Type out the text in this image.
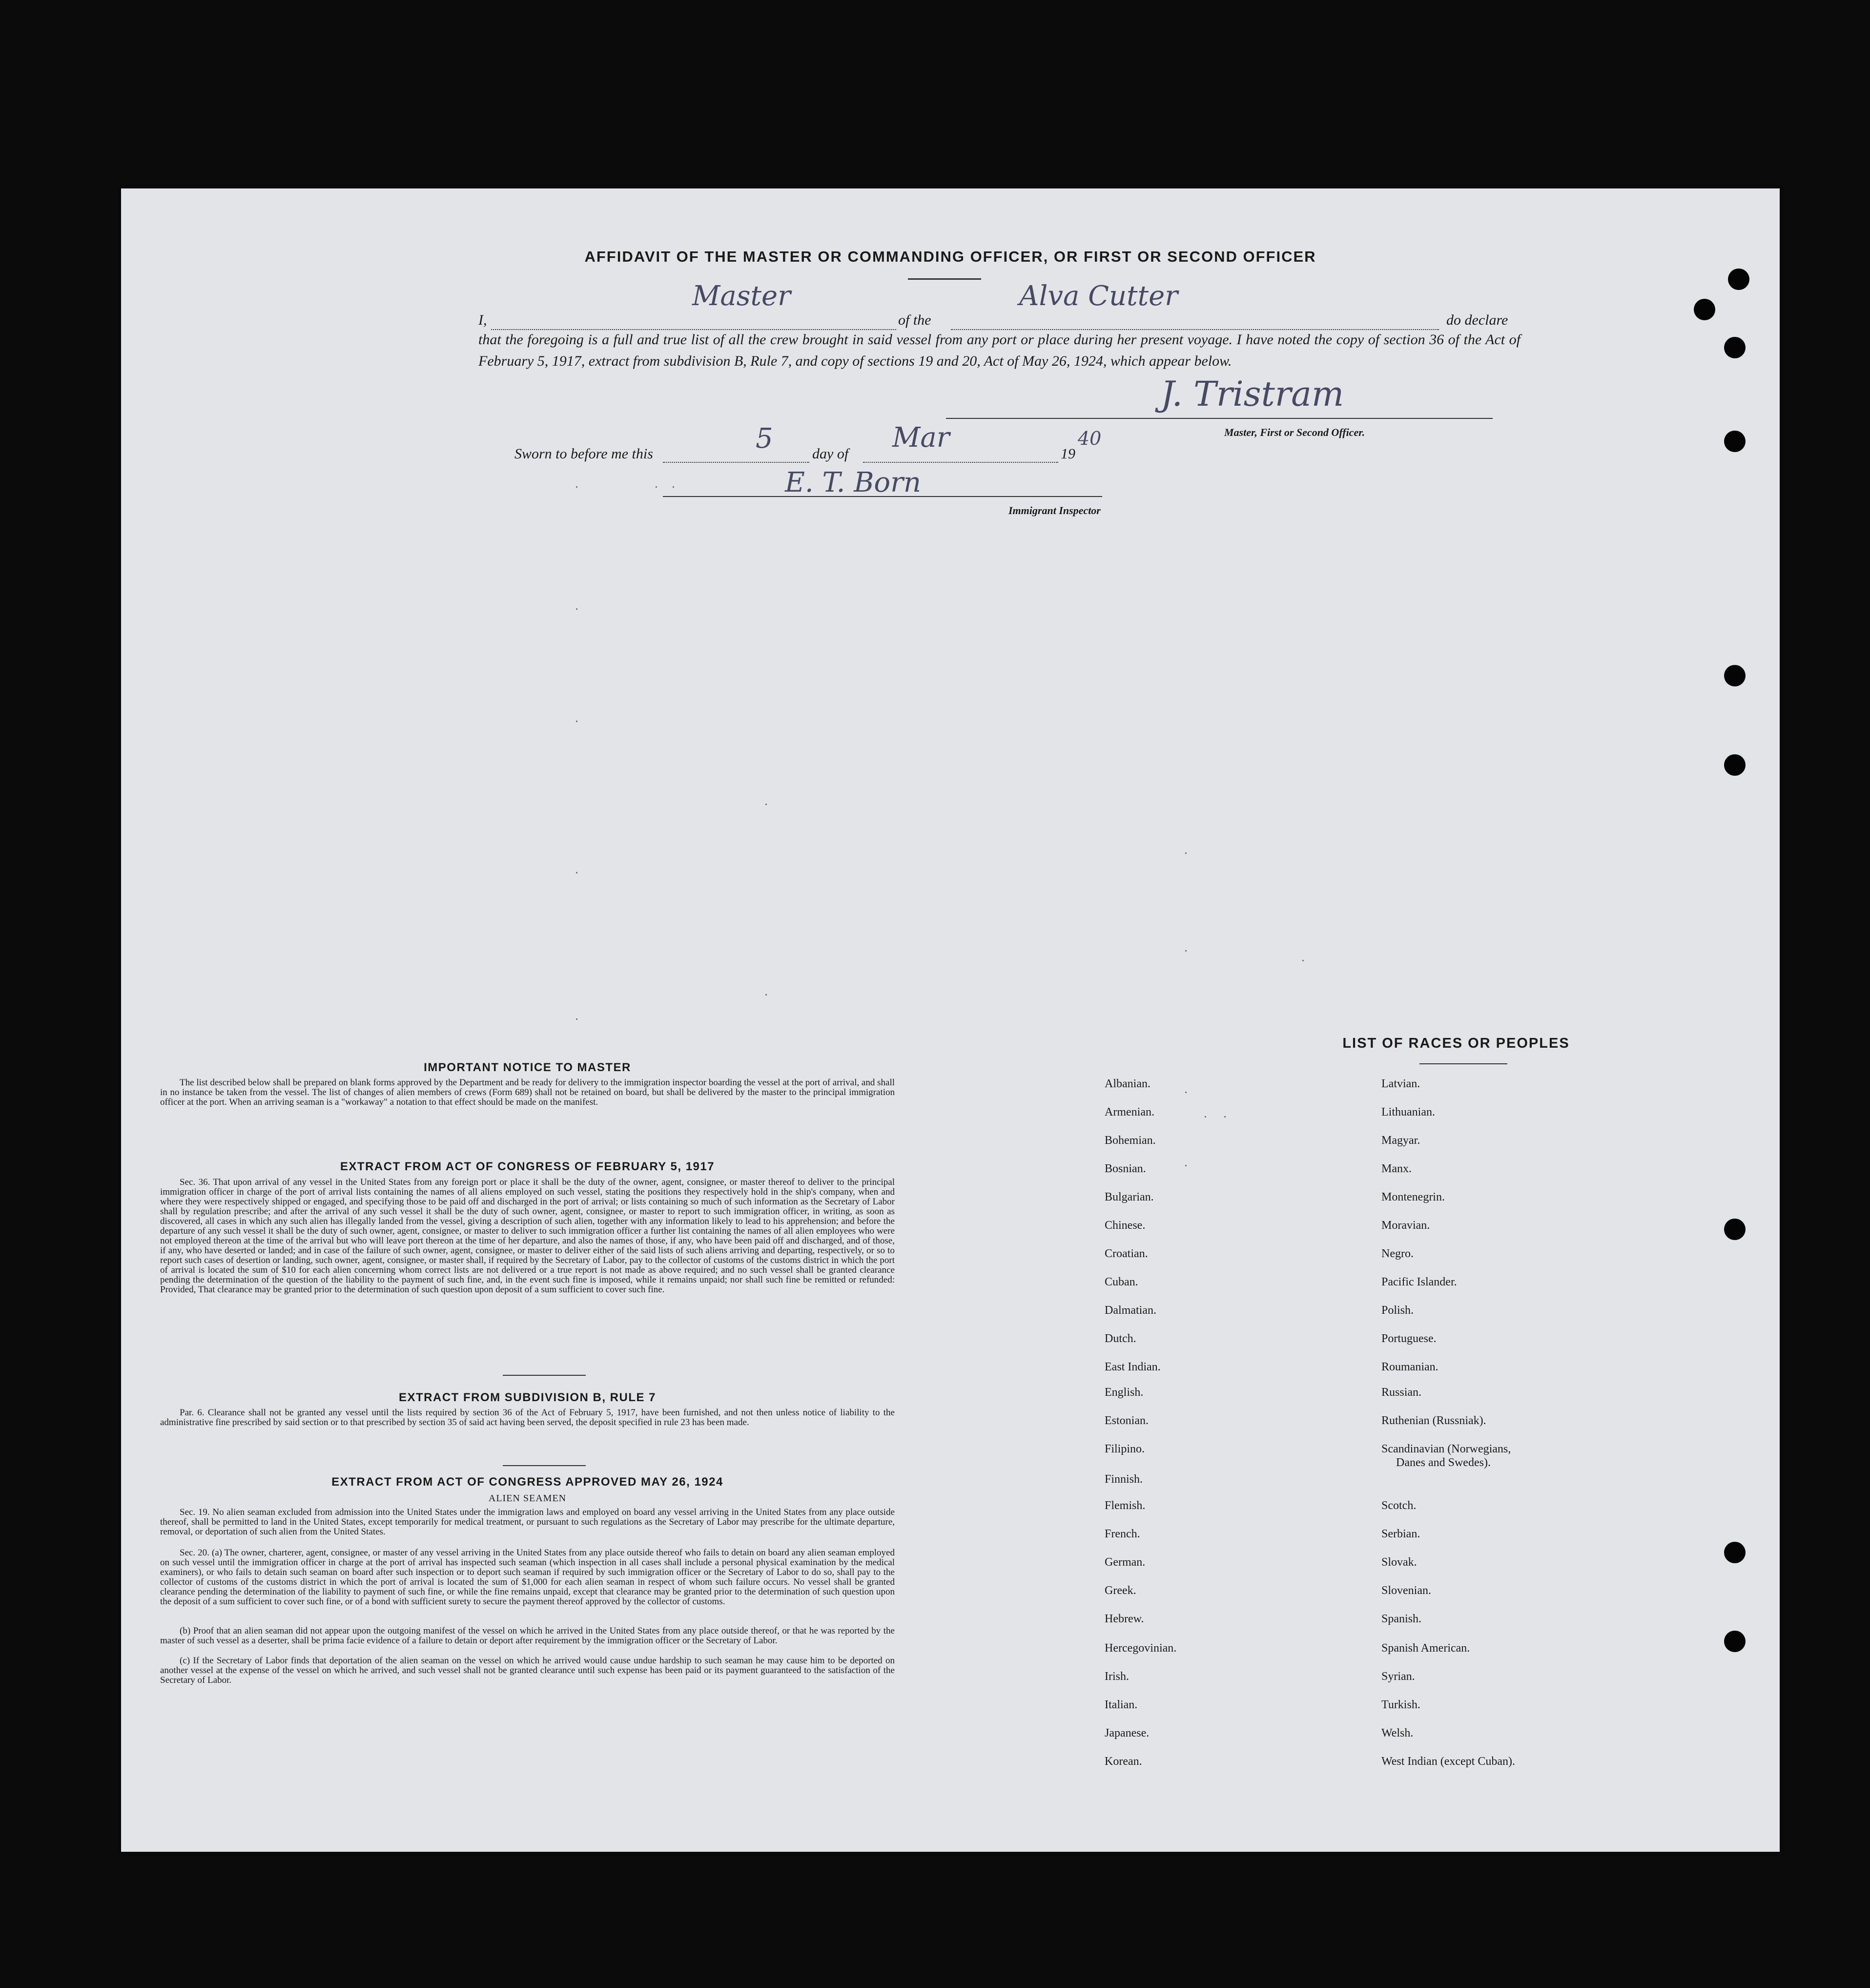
AFFIDAVIT OF THE MASTER OR COMMANDING OFFICER, OR FIRST OR SECOND OFFICER
I,
Master
of the
Alva Cutter
do declare
that the foregoing is a full and true list of all the crew brought in said vessel from any port or place during her present voyage. I have noted the copy of section 36 of the Act of February 5, 1917, extract from subdivision B, Rule 7, and copy of sections 19 and 20, Act of May 26, 1924, which appear below.
J. Tristram
Master, First or Second Officer.
Sworn to before me this	5	day of
Mar
19
40
E. T. Born
Immigrant Inspector
IMPORTANT NOTICE TO MASTER
The list described below shall be prepared on blank forms approved by the Department and be ready for delivery to the immigration inspector boarding the vessel at the port of arrival, and shall in no instance be taken from the vessel. The list of changes of alien members of crews (Form 689) shall not be retained on board, but shall be delivered by the master to the principal immigration officer at the port. When an arriving seaman is a "workaway" a notation to that effect should be made on the manifest.
EXTRACT FROM ACT OF CONGRESS OF FEBRUARY 5, 1917
Sec. 36. That upon arrival of any vessel in the United States from any foreign port or place it shall be the duty of the owner, agent, consignee, or master thereof to deliver to the principal immigration officer in charge of the port of arrival lists containing the names of all aliens employed on such vessel, stating the positions they respectively hold in the ship's company, when and where they were respectively shipped or engaged, and specifying those to be paid off and discharged in the port of arrival; or lists containing so much of such information as the Secretary of Labor shall by regulation prescribe; and after the arrival of any such vessel it shall be the duty of such owner, agent, consignee, or master to report to such immigration officer, in writing, as soon as discovered, all cases in which any such alien has illegally landed from the vessel, giving a description of such alien, together with any information likely to lead to his apprehension; and before the departure of any such vessel it shall be the duty of such owner, agent, consignee, or master to deliver to such immigration officer a further list containing the names of all alien employees who were not employed thereon at the time of the arrival but who will leave port thereon at the time of her departure, and also the names of those, if any, who have been paid off and discharged, and of those, if any, who have deserted or landed; and in case of the failure of such owner, agent, consignee, or master to deliver either of the said lists of such aliens arriving and departing, respectively, or so to report such cases of desertion or landing, such owner, agent, consignee, or master shall, if required by the Secretary of Labor, pay to the collector of customs of the customs district in which the port of arrival is located the sum of $10 for each alien concerning whom correct lists are not delivered or a true report is not made as above required; and no such vessel shall be granted clearance pending the determination of the question of the liability to the payment of such fine, and, in the event such fine is imposed, while it remains unpaid; nor shall such fine be remitted or refunded: Provided, That clearance may be granted prior to the determination of such question upon deposit of a sum sufficient to cover such fine.
EXTRACT FROM SUBDIVISION B, RULE 7
Par. 6. Clearance shall not be granted any vessel until the lists required by section 36 of the Act of February 5, 1917, have been furnished, and not then unless notice of liability to the administrative fine prescribed by said section or to that prescribed by section 35 of said act having been served, the deposit specified in rule 23 has been made.
EXTRACT FROM ACT OF CONGRESS APPROVED MAY 26, 1924
ALIEN SEAMEN
Sec. 19. No alien seaman excluded from admission into the United States under the immigration laws and employed on board any vessel arriving in the United States from any place outside thereof, shall be permitted to land in the United States, except temporarily for medical treatment, or pursuant to such regulations as the Secretary of Labor may prescribe for the ultimate departure, removal, or deportation of such alien from the United States.
Sec. 20. (a) The owner, charterer, agent, consignee, or master of any vessel arriving in the United States from any place outside thereof who fails to detain on board any alien seaman employed on such vessel until the immigration officer in charge at the port of arrival has inspected such seaman (which inspection in all cases shall include a personal physical examination by the medical examiners), or who fails to detain such seaman on board after such inspection or to deport such seaman if required by such immigration officer or the Secretary of Labor to do so, shall pay to the collector of customs of the customs district in which the port of arrival is located the sum of $1,000 for each alien seaman in respect of whom such failure occurs. No vessel shall be granted clearance pending the determination of the liability to payment of such fine, or while the fine remains unpaid, except that clearance may be granted prior to the determination of such question upon the deposit of a sum sufficient to cover such fine, or of a bond with sufficient surety to secure the payment thereof approved by the collector of customs.
(b) Proof that an alien seaman did not appear upon the outgoing manifest of the vessel on which he arrived in the United States from any place outside thereof, or that he was reported by the master of such vessel as a deserter, shall be prima facie evidence of a failure to detain or deport after requirement by the immigration officer or the Secretary of Labor.
(c) If the Secretary of Labor finds that deportation of the alien seaman on the vessel on which he arrived would cause undue hardship to such seaman he may cause him to be deported on another vessel at the expense of the vessel on which he arrived, and such vessel shall not be granted clearance until such expense has been paid or its payment guaranteed to the satisfaction of the Secretary of Labor.
LIST OF RACES OR PEOPLES
Albanian.
Armenian.
Bohemian.
Bosnian.
Bulgarian.
Chinese.
Croatian.
Cuban.
Dalmatian.
Dutch.
East Indian.
English.
Estonian.
Filipino.
Finnish.
Flemish.
French.
German.
Greek.
Hebrew.
Hercegovinian.
Irish.
Italian.
Japanese.
Korean.
Latvian.
Lithuanian.
Magyar.
Manx.
Montenegrin.
Moravian.
Negro.
Pacific Islander.
Polish.
Portuguese.
Roumanian.
Russian.
Ruthenian (Russniak).
Scandinavian (Norwegians,
Danes and Swedes).
Scotch.
Serbian.
Slovak.
Slovenian.
Spanish.
Spanish American.
Syrian.
Turkish.
Welsh.
West Indian (except Cuban).
